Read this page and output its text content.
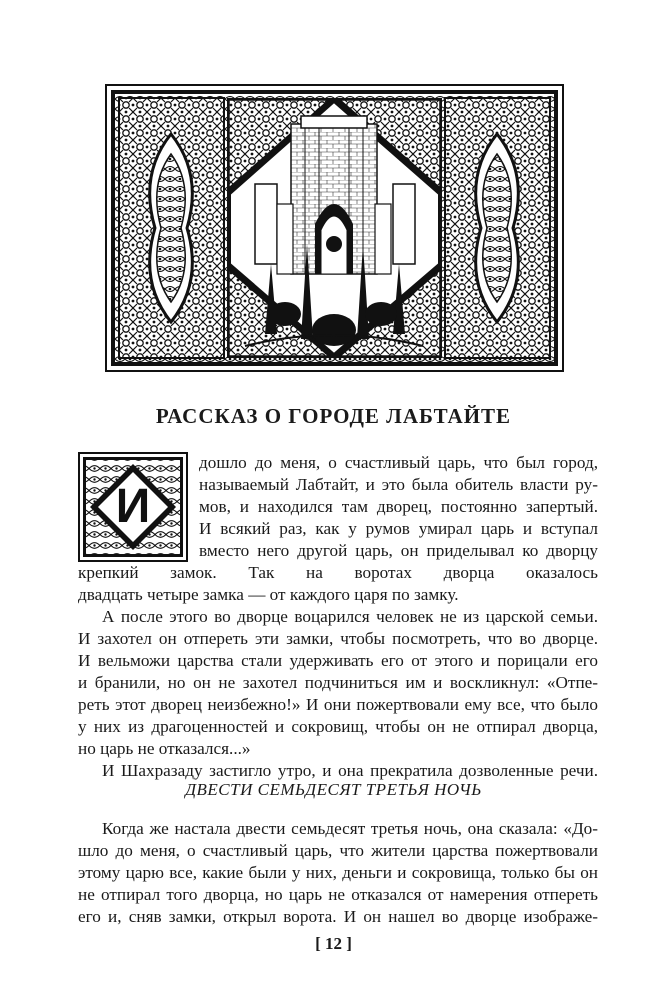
РАССКАЗ О ГОРОДЕ ЛАБТАЙТЕ
И
дошло до меня, о счастливый царь, что был город,
называемый Лабтайт, и это была обитель власти ру-
мов, и находился там дворец, постоянно запертый.
И всякий раз, как у румов умирал царь и вступал
вместо него другой царь, он приделывал ко дворцу
крепкий замок. Так на воротах дворца оказалось
двадцать четыре замка — от каждого царя по замку.
А после этого во дворце воцарился человек не из царской семьи.
И захотел он отпереть эти замки, чтобы посмотреть, что во дворце.
И вельможи царства стали удерживать его от этого и порицали его
и бранили, но он не захотел подчиниться им и воскликнул: «Отпе-
реть этот дворец неизбежно!» И они пожертвовали ему все, что было
у них из драгоценностей и сокровищ, чтобы он не отпирал дворца,
но царь не отказался...»
И Шахразаду застигло утро, и она прекратила дозволенные речи.
ДВЕСТИ СЕМЬДЕСЯТ ТРЕТЬЯ НОЧЬ
Когда же настала двести семьдесят третья ночь, она сказала: «До-
шло до меня, о счастливый царь, что жители царства пожертвовали
этому царю все, какие были у них, деньги и сокровища, только бы он
не отпирал того дворца, но царь не отказался от намерения отпереть
его и, сняв замки, открыл ворота. И он нашел во дворце изображе-
[ 12 ]
